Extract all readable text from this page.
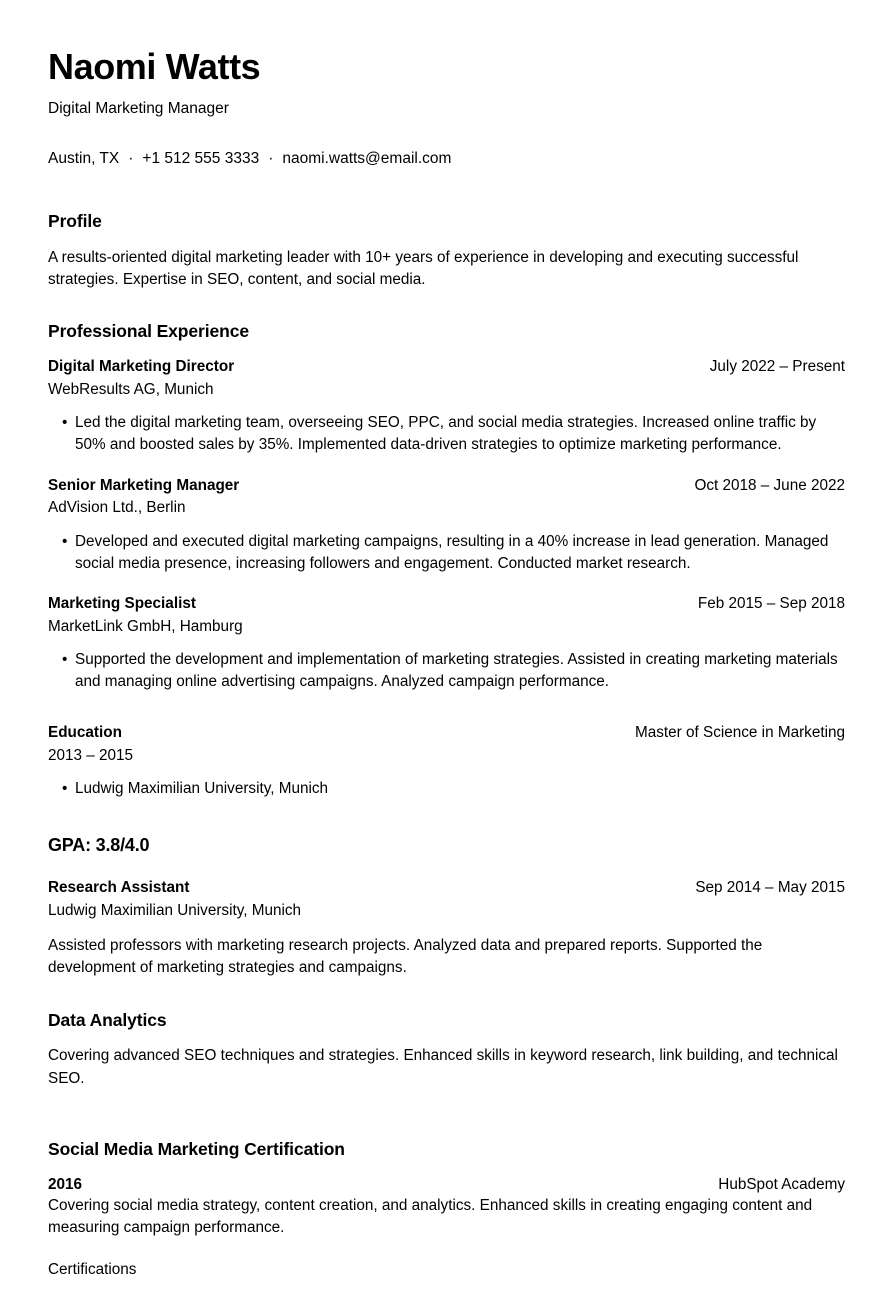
Naomi Watts
Digital Marketing Manager
Austin, TX · +1 512 555 3333 · naomi.watts@email.com
Profile

A results-oriented digital marketing leader with 10+ years of experience in developing and executing successful strategies. Expertise in SEO, content, and social media.

Professional Experience
Digital Marketing Director	July 2022 – Present
WebResults AG, Munich
• Led the digital marketing team, overseeing SEO, PPC, and social media strategies. Increased online traffic by 50% and boosted sales by 35%. Implemented data-driven strategies to optimize marketing performance.
Senior Marketing Manager	Oct 2018 – June 2022
AdVision Ltd., Berlin
• Developed and executed digital marketing campaigns, resulting in a 40% increase in lead generation. Managed social media presence, increasing followers and engagement. Conducted market research.
Marketing Specialist	Feb 2015 – Sep 2018
MarketLink GmbH, Hamburg
• Supported the development and implementation of marketing strategies. Assisted in creating marketing materials and managing online advertising campaigns. Analyzed campaign performance.
Education	Master of Science in Marketing
2013 – 2015
• Ludwig Maximilian University, Munich
GPA: 3.8/4.0
Research Assistant	Sep 2014 – May 2015
Ludwig Maximilian University, Munich

Assisted professors with marketing research projects. Analyzed data and prepared reports. Supported the development of marketing strategies and campaigns.

Data Analytics

Covering advanced SEO techniques and strategies. Enhanced skills in keyword research, link building, and technical SEO.

Social Media Marketing Certification
2016	HubSpot Academy

Covering social media strategy, content creation, and analytics. Enhanced skills in creating engaging content and measuring campaign performance.

Certifications
